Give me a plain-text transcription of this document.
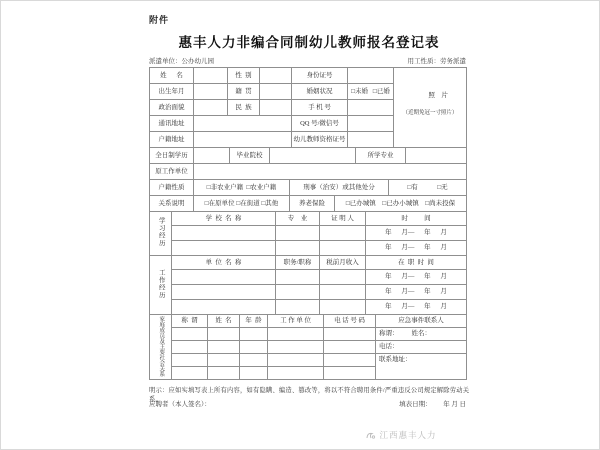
附件
惠丰人力非编合同制幼儿教师报名登记表
派遣单位：公办幼儿园	用工性质：劳务派遣
姓      名		性  别		身份证号		照    片

（近期免冠一寸照片）

出生年月		籍  贯		婚姻状况	□未婚   □已婚	
政治面貌		民  族		手 机 号		
通讯地址				QQ 号/微信号		
户籍地址				幼儿教师资格证号		
全日制学历		毕业院校		所学专业	
原工作单位	
户籍性质	□非农业户籍  □农业户籍	刑事（治安）或其他处分	□有            □无
关系说明	□在原单位 □在街道 □其他	养老保险	□已办城镇    □已办小城镇    □尚未投保
学习经历	学  校  名  称	专    业	证 明 人	时          间
				年      月—      年      月
				年      月—      年      月
工作经历	单  位  名  称	职务/职称	税前月收入	在  职  时  间
				年      月—      年      月
				年      月—      年      月
				年      月—      年      月
家庭成员及主要社会关系	称  谓	姓  名	年  龄	工 作 单 位	电 话 号 码	应急事件联系人
						称谓：        姓名：
						电话：
						联系地址：

明示：应如实填写表上所有内容，如有隐瞒、编造、篡改等，将以不符合聘用条件/严重违反公司规定解除劳动关系。
应聘者（本人签名）：	填表日期： 年 月 日
江西惠丰人力
